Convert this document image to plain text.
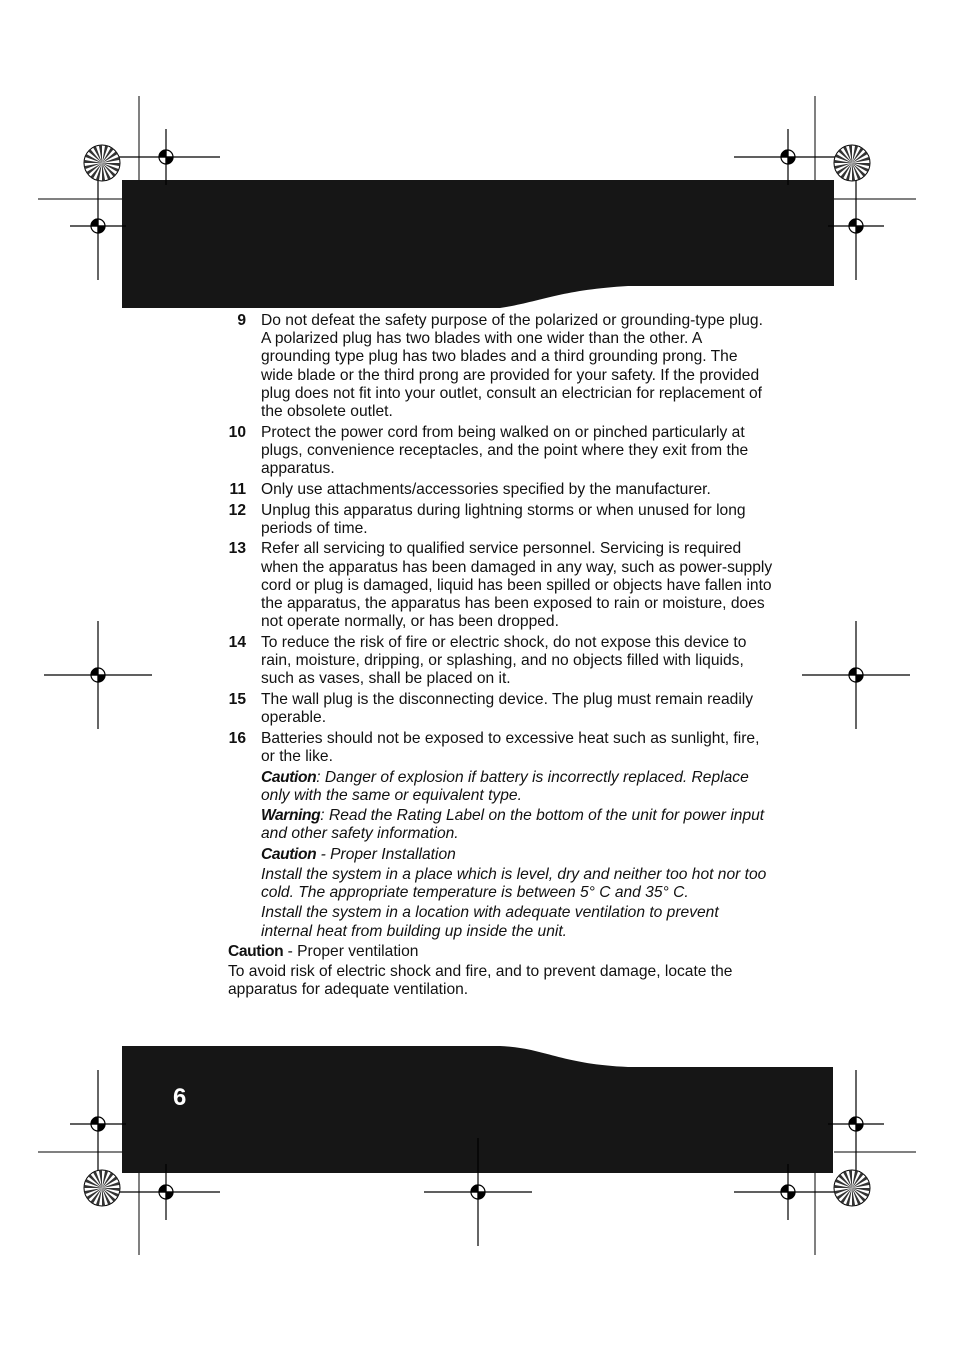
9 Do not defeat the safety purpose of the polarized or grounding-type plug. A polarized plug has two blades with one wider than the other. A grounding type plug has two blades and a third grounding prong. The wide blade or the third prong are provided for your safety. If the provided plug does not fit into your outlet, consult an electrician for replacement of the obsolete outlet.
10 Protect the power cord from being walked on or pinched particularly at plugs, convenience receptacles, and the point where they exit from the apparatus.
11 Only use attachments/accessories specified by the manufacturer.
12 Unplug this apparatus during lightning storms or when unused for long periods of time.
13 Refer all servicing to qualified service personnel. Servicing is required when the apparatus has been damaged in any way, such as power-supply cord or plug is damaged, liquid has been spilled or objects have fallen into the apparatus, the apparatus has been exposed to rain or moisture, does not operate normally, or has been dropped.
14 To reduce the risk of fire or electric shock, do not expose this device to rain, moisture, dripping, or splashing, and no objects filled with liquids, such as vases, shall be placed on it.
15 The wall plug is the disconnecting device. The plug must remain readily operable.
16 Batteries should not be exposed to excessive heat such as sunlight, fire, or the like.
Caution: Danger of explosion if battery is incorrectly replaced. Replace only with the same or equivalent type.
Warning: Read the Rating Label on the bottom of the unit for power input and other safety information.
Caution - Proper Installation
Install the system in a place which is level, dry and neither too hot nor too cold. The appropriate temperature is between 5° C and 35° C.
Install the system in a location with adequate ventilation to prevent internal heat from building up inside the unit.
Caution - Proper ventilation
To avoid risk of electric shock and fire, and to prevent damage, locate the apparatus for adequate ventilation.
6
